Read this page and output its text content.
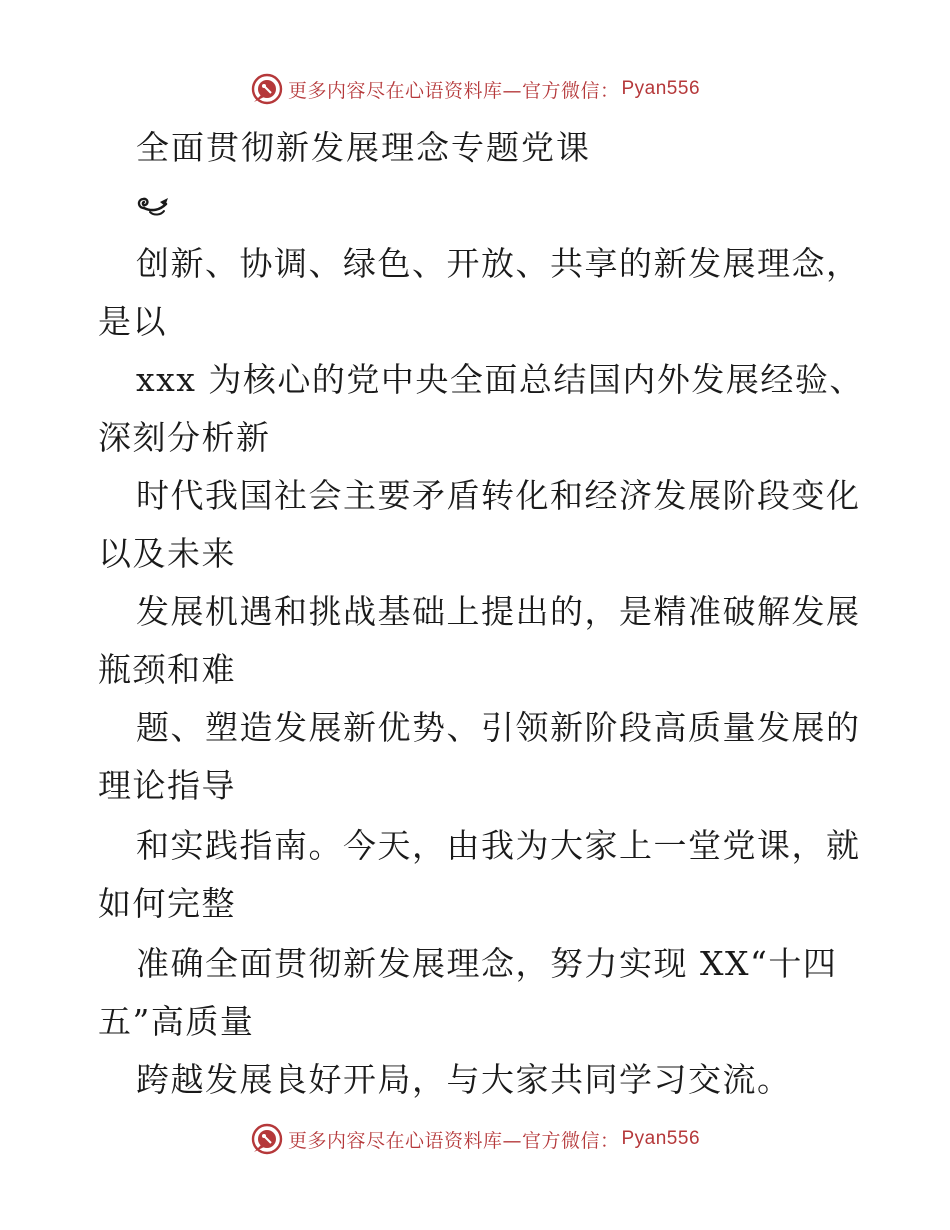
更多内容尽在心语资料库—官方微信： Pyan556
全面贯彻新发展理念专题党课
创新、协调、绿色、开放、共享的新发展理念，
是以
xxx 为核心的党中央全面总结国内外发展经验、
深刻分析新
时代我国社会主要矛盾转化和经济发展阶段变化
以及未来
发展机遇和挑战基础上提出的，是精准破解发展
瓶颈和难
题、塑造发展新优势、引领新阶段高质量发展的
理论指导
和实践指南。今天，由我为大家上一堂党课，就
如何完整
准确全面贯彻新发展理念，努力实现 XX“十四
五”高质量
跨越发展良好开局，与大家共同学习交流。
更多内容尽在心语资料库—官方微信： Pyan556
